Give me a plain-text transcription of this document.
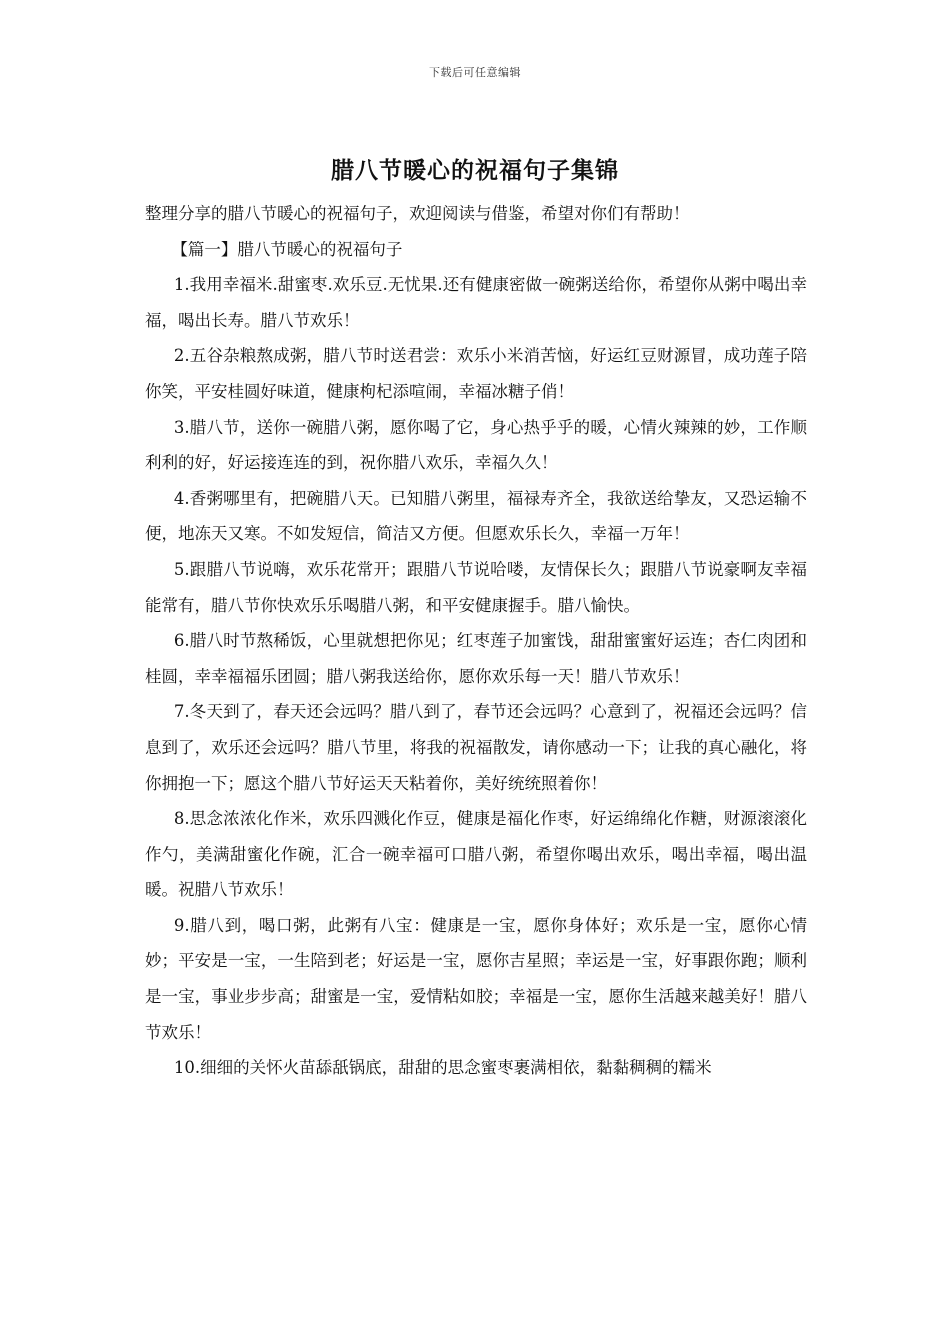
下载后可任意编辑
腊八节暖心的祝福句子集锦

整理分享的腊八节暖心的祝福句子，欢迎阅读与借鉴，希望对你们有帮助！

【篇一】腊八节暖心的祝福句子

1.我用幸福米.甜蜜枣.欢乐豆.无忧果.还有健康密做一碗粥送给你，希望你从粥中喝出幸福，喝出长寿。腊八节欢乐！

2.五谷杂粮熬成粥，腊八节时送君尝：欢乐小米消苦恼，好运红豆财源冒，成功莲子陪你笑，平安桂圆好味道，健康枸杞添喧闹，幸福冰糖子俏！

3.腊八节，送你一碗腊八粥，愿你喝了它，身心热乎乎的暖，心情火辣辣的妙，工作顺利利的好，好运接连连的到，祝你腊八欢乐，幸福久久！

4.香粥哪里有，把碗腊八天。已知腊八粥里，福禄寿齐全，我欲送给挚友，又恐运输不便，地冻天又寒。不如发短信，简洁又方便。但愿欢乐长久，幸福一万年！

5.跟腊八节说嗨，欢乐花常开；跟腊八节说哈喽，友情保长久；跟腊八节说豪啊友幸福能常有，腊八节你快欢乐乐喝腊八粥，和平安健康握手。腊八愉快。

6.腊八时节熬稀饭，心里就想把你见；红枣莲子加蜜饯，甜甜蜜蜜好运连；杏仁肉团和桂圆，幸幸福福乐团圆；腊八粥我送给你，愿你欢乐每一天！腊八节欢乐！

7.冬天到了，春天还会远吗？腊八到了，春节还会远吗？心意到了，祝福还会远吗？信息到了，欢乐还会远吗？腊八节里，将我的祝福散发，请你感动一下；让我的真心融化，将你拥抱一下；愿这个腊八节好运天天粘着你，美好统统照着你！

8.思念浓浓化作米，欢乐四溅化作豆，健康是福化作枣，好运绵绵化作糖，财源滚滚化作勺，美满甜蜜化作碗，汇合一碗幸福可口腊八粥，希望你喝出欢乐，喝出幸福，喝出温暖。祝腊八节欢乐！

9.腊八到，喝口粥，此粥有八宝：健康是一宝，愿你身体好；欢乐是一宝，愿你心情妙；平安是一宝，一生陪到老；好运是一宝，愿你吉星照；幸运是一宝，好事跟你跑；顺利是一宝，事业步步高；甜蜜是一宝，爱情粘如胶；幸福是一宝，愿你生活越来越美好！腊八节欢乐！

10.细细的关怀火苗舔舐锅底，甜甜的思念蜜枣裹满相依，黏黏稠稠的糯米
